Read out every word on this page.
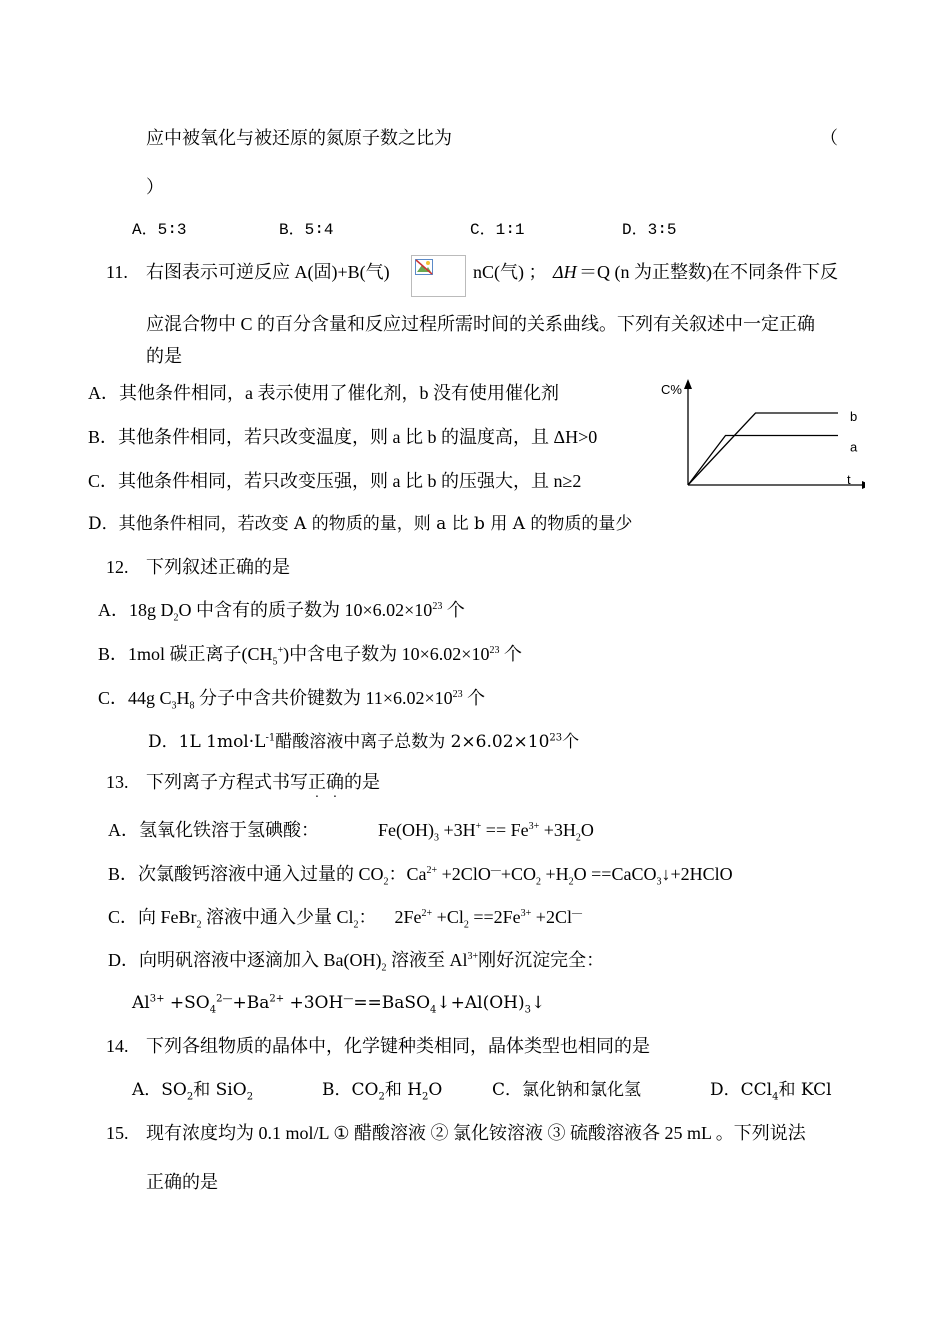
应中被氧化与被还原的氮原子数之比为	（
）
A．5∶3	B．5∶4	C．1∶1	D．3∶5
11. 右图表示可逆反应 A(固)+B(气)	nC(气) ； ΔH ＝Q (n 为正整数)在不同条件下反
应混合物中 C 的百分含量和反应过程所需时间的关系曲线。下列有关叙述中一定正确
的是
A．其他条件相同，a 表示使用了催化剂，b 没有使用催化剂
B．其他条件相同，若只改变温度，则 a 比 b 的温度高，且 ΔH>0
C．其他条件相同，若只改变压强，则 a 比 b 的压强大，且 n≥2
D．其他条件相同，若改变 A 的物质的量，则 a 比 b 用 A 的物质的量少
a
b
C%
t
12. 下列叙述正确的是
A．18g $D_2O$ 中含有的质子数为 $10\times 6.02\times 10^{23}$ 个
B．1mol 碳正离子$(CH_5^+)$中含电子数为 $10\times 6.02\times 10^{23}$ 个
C．44g $C_3H_8$ 分子中含共价键数为 $11\times 6.02\times 10^{23}$ 个
D．1L $1mol\cdot L^{-1}$醋酸溶液中离子总数为 $2\times 6.02\times 10^{23}$个
13. 下列离子方程式书写正确的是
A．氢氧化铁溶于氢碘酸：	$Fe(OH)_3 +3H^+ == Fe^{3+} +3H_2O$
B．次氯酸钙溶液中通入过量的 $CO_2$：$Ca^{2+} +2ClO^—+CO_2 +H_2O$ ==CaCO$_3$↓+2HClO
C．向 FeBr$_2$ 溶液中通入少量 $Cl_2$： $2Fe^{2+} +Cl_2 ==2Fe^{3+} +2Cl^—$
D．向明矾溶液中逐滴加入 $Ba(OH)_2$ 溶液至 $Al^{3+}$刚好沉淀完全：
$Al^{3+} +SO_4^{2—}+Ba^{2+}$ $+3OH^—==BaSO_4↓+Al(OH)_3↓$
14. 下列各组物质的晶体中，化学键种类相同，晶体类型也相同的是
A．$SO_2$和 SiO$_2$	B．$CO_2$和 $H_2O$	C．氯化钠和氯化氢	D．CCl$_4$和 KCl
15. 现有浓度均为 0.1 mol/L ① 醋酸溶液 ② 氯化铵溶液 ③ 硫酸溶液各 25 mL 。下列说法
正确的是
